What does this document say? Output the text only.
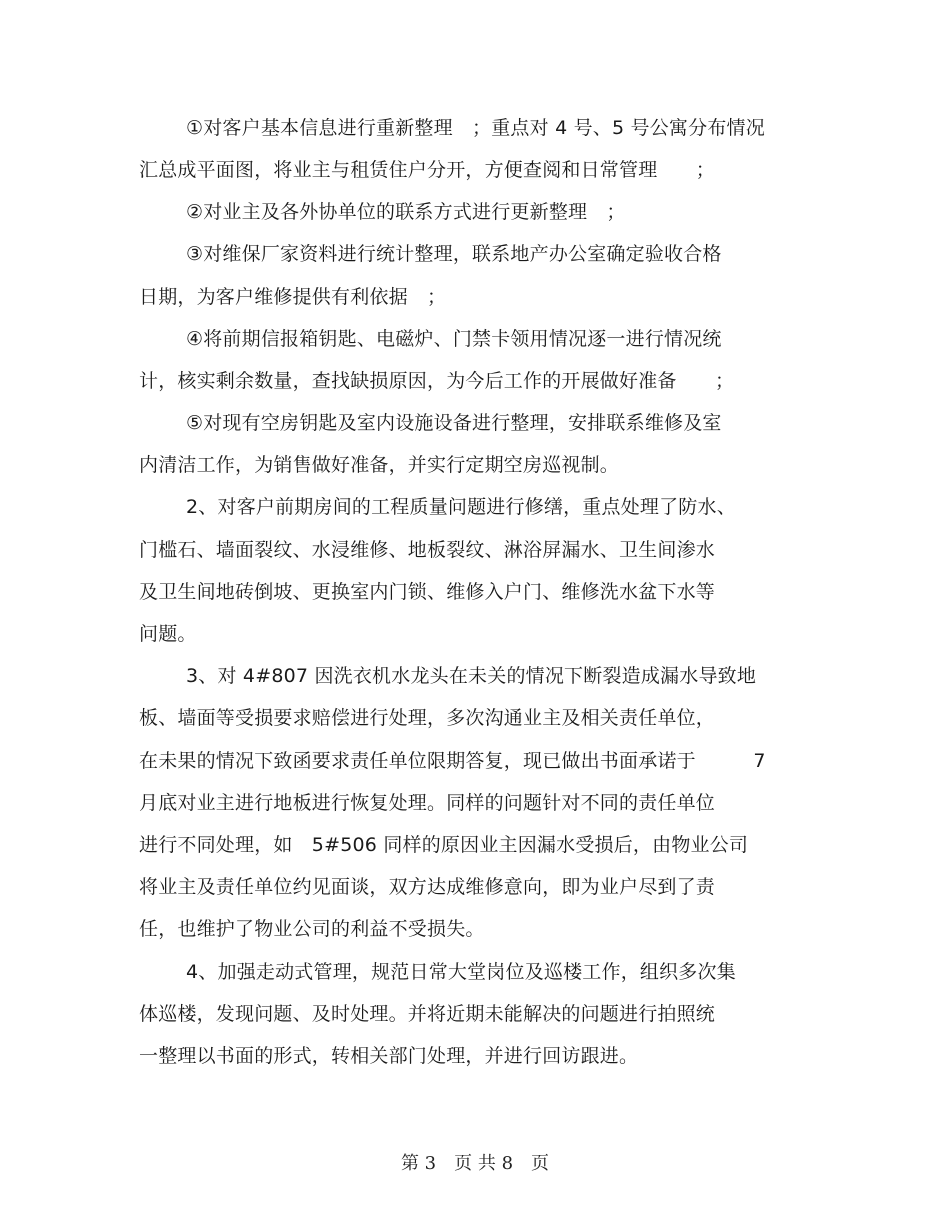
①对客户基本信息进行重新整理　；重点对 4 号、5 号公寓分布情况
汇总成平面图，将业主与租赁住户分开，方便查阅和日常管理　　；
②对业主及各外协单位的联系方式进行更新整理　；
③对维保厂家资料进行统计整理，联系地产办公室确定验收合格
日期，为客户维修提供有利依据　；
④将前期信报箱钥匙、电磁炉、门禁卡领用情况逐一进行情况统
计，核实剩余数量，查找缺损原因，为今后工作的开展做好准备　　；
⑤对现有空房钥匙及室内设施设备进行整理，安排联系维修及室
内清洁工作，为销售做好准备，并实行定期空房巡视制。
2、对客户前期房间的工程质量问题进行修缮，重点处理了防水、
门槛石、墙面裂纹、水浸维修、地板裂纹、淋浴屏漏水、卫生间渗水
及卫生间地砖倒坡、更换室内门锁、维修入户门、维修洗水盆下水等
问题。
3、对 4#807 因洗衣机水龙头在未关的情况下断裂造成漏水导致地
板、墙面等受损要求赔偿进行处理，多次沟通业主及相关责任单位，
在未果的情况下致函要求责任单位限期答复，现已做出书面承诺于　　　7
月底对业主进行地板进行恢复处理。同样的问题针对不同的责任单位
进行不同处理，如　5#506 同样的原因业主因漏水受损后，由物业公司
将业主及责任单位约见面谈，双方达成维修意向，即为业户尽到了责
任，也维护了物业公司的利益不受损失。
4、加强走动式管理，规范日常大堂岗位及巡楼工作，组织多次集
体巡楼，发现问题、及时处理。并将近期未能解决的问题进行拍照统
一整理以书面的形式，转相关部门处理，并进行回访跟进。
第 3　页 共 8　页
